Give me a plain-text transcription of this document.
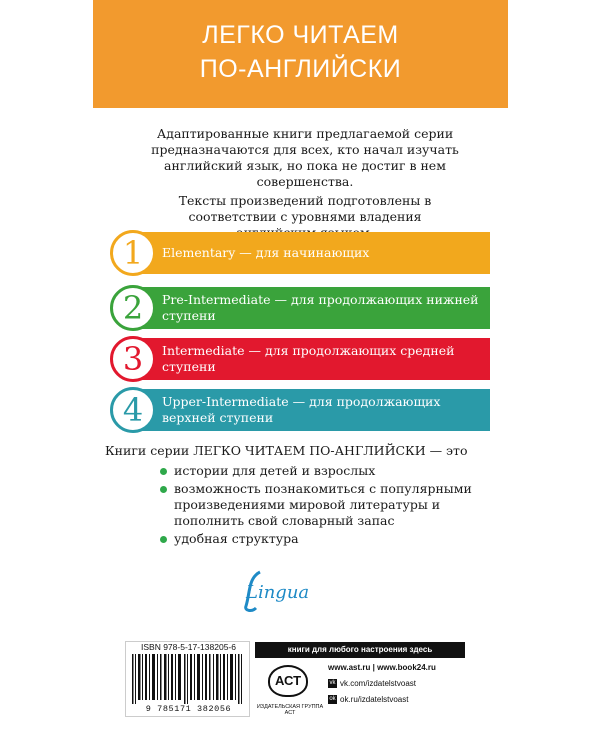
ЛЕГКО ЧИТАЕМ
ПО-АНГЛИЙСКИ

Адаптированные книги предлагаемой серии предназначаются для всех, кто начал изучать английский язык, но пока не достиг в нем совершенства.

Тексты произведений подготовлены в соответствии с уровнями владения

1	Elementary — для начинающих
2	Pre-Intermediate — для продолжающих нижней ступени
3	Intermediate — для продолжающих средней ступени
4	Upper-Intermediate — для продолжающих верхней ступени

Книги серии ЛЕГКО ЧИТАЕМ ПО-АНГЛИЙСКИ — это

истории для детей и взрослых
возможность познакомиться с популярными произведениями мировой литературы и пополнить свой словарный запас
удобная структура
Lingua
ISBN 978-5-17-138205-6
9 785171 382056
книги для любого настроения здесь
АСТ
ИЗДАТЕЛЬСКАЯ ГРУППА АСТ
www.ast.ru | www.book24.ru
vk vk.com/izdatelstvoast
ok ok.ru/izdatelstvoast
